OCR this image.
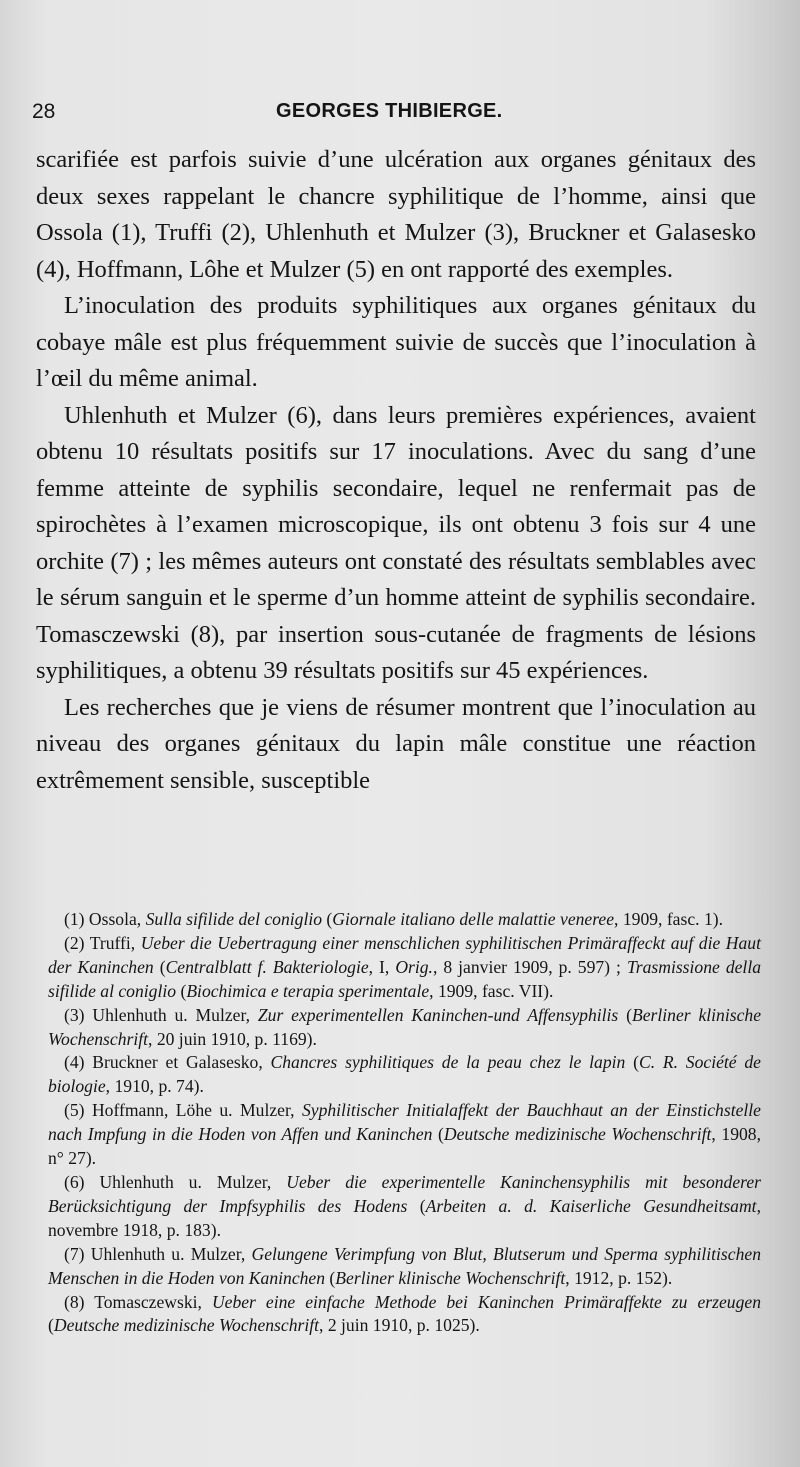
28	GEORGES THIBIERGE.

scarifiée est parfois suivie d’une ulcération aux organes génitaux des deux sexes rappelant le chancre syphilitique de l’homme, ainsi que Ossola (1), Truffi (2), Uhlenhuth et Mulzer (3), Bruckner et Galasesko (4), Hoffmann, Lôhe et Mulzer (5) en ont rapporté des exemples.

L’inoculation des produits syphilitiques aux organes génitaux du cobaye mâle est plus fréquemment suivie de succès que l’inoculation à l’œil du même animal.

Uhlenhuth et Mulzer (6), dans leurs premières expériences, avaient obtenu 10 résultats positifs sur 17 inoculations. Avec du sang d’une femme atteinte de syphilis secondaire, lequel ne renfermait pas de spirochètes à l’examen microscopique, ils ont obtenu 3 fois sur 4 une orchite (7) ; les mêmes auteurs ont constaté des résultats semblables avec le sérum sanguin et le sperme d’un homme atteint de syphilis secondaire. Tomasczewski (8), par insertion sous-cutanée de fragments de lésions syphilitiques, a obtenu 39 résultats positifs sur 45 expériences.

Les recherches que je viens de résumer montrent que l’inoculation au niveau des organes génitaux du lapin mâle constitue une réaction extrêmement sensible, susceptible

(1) Ossola, Sulla sifilide del coniglio (Giornale italiano delle malattie veneree, 1909, fasc. 1).

(2) Truffi, Ueber die Uebertragung einer menschlichen syphilitischen Primäraffeckt auf die Haut der Kaninchen (Centralblatt f. Bakteriologie, I, Orig., 8 janvier 1909, p. 597) ; Trasmissione della sifilide al coniglio (Biochimica e terapia sperimentale, 1909, fasc. VII).

(3) Uhlenhuth u. Mulzer, Zur experimentellen Kaninchen-und Affensyphilis (Berliner klinische Wochenschrift, 20 juin 1910, p. 1169).

(4) Bruckner et Galasesko, Chancres syphilitiques de la peau chez le lapin (C. R. Société de biologie, 1910, p. 74).

(5) Hoffmann, Löhe u. Mulzer, Syphilitischer Initialaffekt der Bauchhaut an der Einstichstelle nach Impfung in die Hoden von Affen und Kaninchen (Deutsche medizinische Wochenschrift, 1908, n° 27).

(6) Uhlenhuth u. Mulzer, Ueber die experimentelle Kaninchensyphilis mit besonderer Berücksichtigung der Impfsyphilis des Hodens (Arbeiten a. d. Kaiserliche Gesundheitsamt, novembre 1918, p. 183).

(7) Uhlenhuth u. Mulzer, Gelungene Verimpfung von Blut, Blutserum und Sperma syphilitischen Menschen in die Hoden von Kaninchen (Berliner klinische Wochenschrift, 1912, p. 152).

(8) Tomasczewski, Ueber eine einfache Methode bei Kaninchen Primäraffekte zu erzeugen (Deutsche medizinische Wochenschrift, 2 juin 1910, p. 1025).
